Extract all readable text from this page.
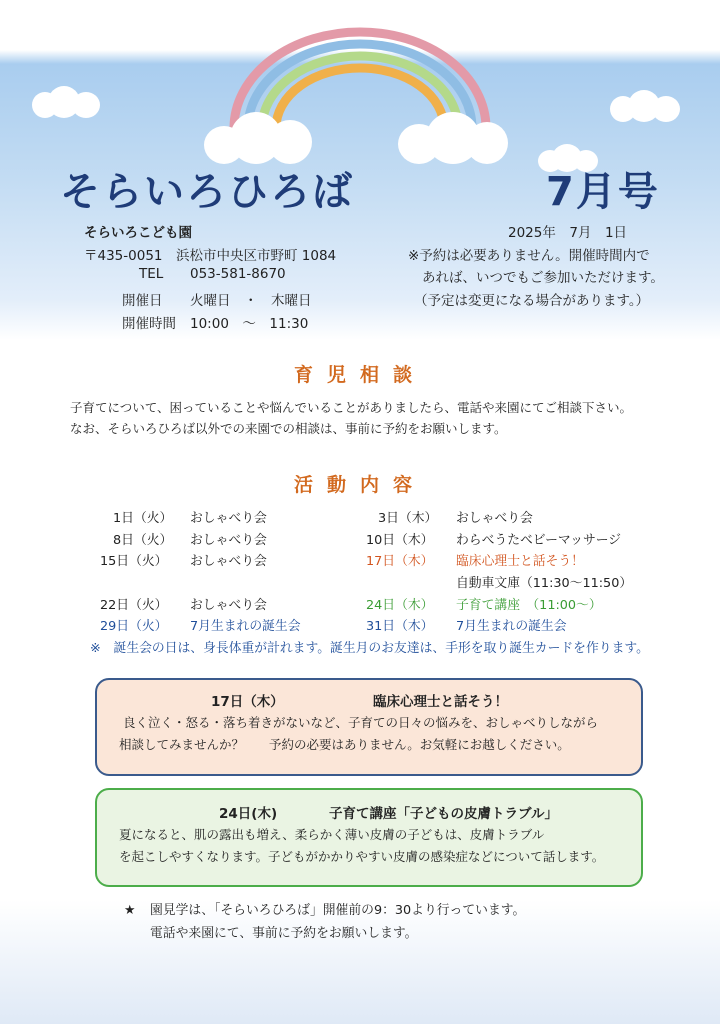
そらいろひろば	7月号
そらいろこども園
〒435-0051　浜松市中央区市野町 1084
TEL 053-581-8670
開催日 火曜日　・　木曜日
開催時間 10:00　～　11:30
2025年　7月　1日
※予約は必要ありません。開催時間内で
あれば、いつでもご参加いただけます。
（予定は変更になる場合があります。）
育児相談
子育てについて、困っていることや悩んでいることがありましたら、電話や来園にてご相談下さい。
なお、そらいろひろば以外での来園での相談は、事前に予約をお願いします。
活動内容
1日（火） おしゃべり会
8日（火） おしゃべり会
15日（火） おしゃべり会
22日（火） おしゃべり会
29日（火） 7月生まれの誕生会
3日（木） おしゃべり会
10日（木） わらべうたベビーマッサージ
17日（木） 臨床心理士と話そう！
自動車文庫（11:30～11:50）
24日（木） 子育て講座　（11:00～）
31日（木） 7月生まれの誕生会
※　誕生会の日は、身長体重が計れます。誕生月のお友達は、手形を取り誕生カードを作ります。
17日（木）	臨床心理士と話そう！
良く泣く・怒る・落ち着きがないなど、子育ての日々の悩みを、おしゃべりしながら
相談してみませんか？　　予約の必要はありません。お気軽にお越しください。
24日(木)	子育て講座「子どもの皮膚トラブル」
夏になると、肌の露出も増え、柔らかく薄い皮膚の子どもは、皮膚トラブル
を起こしやすくなります。子どもがかかりやすい皮膚の感染症などについて話します。
★ 園見学は、「そらいろひろば」開催前の9：30より行っています。
電話や来園にて、事前に予約をお願いします。
